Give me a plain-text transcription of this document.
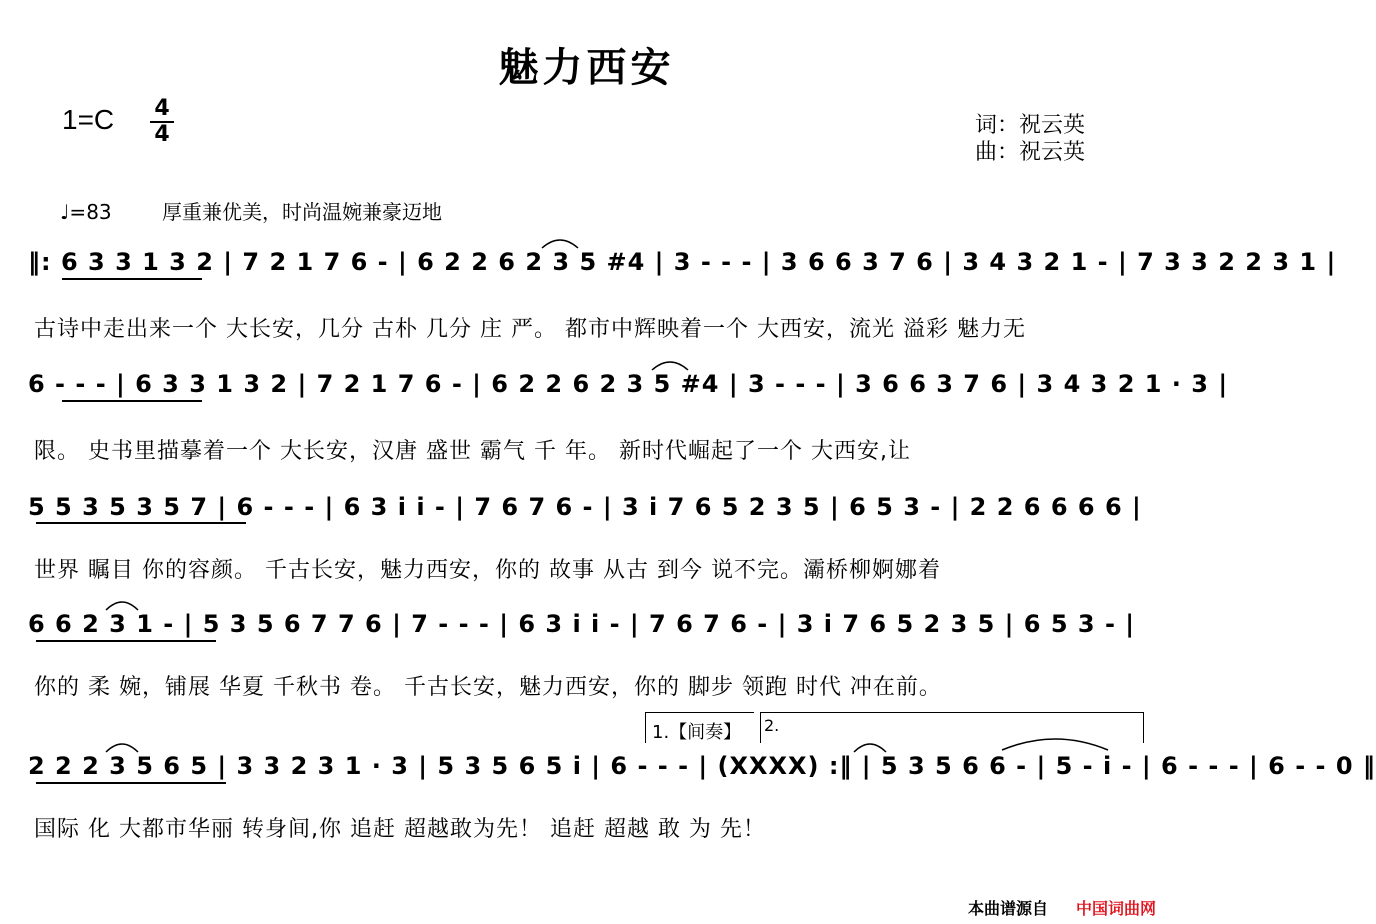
魅力西安
1=C 4
4	词：祝云英
曲：祝云英
♩=83	厚重兼优美，时尚温婉兼豪迈地
‖: 6 3 3 1 3 2 | 7 2 1 7 6 - | 6 2 2 6 2 3 5 #4 | 3 - - - | 3 6 6 3 7 6 | 3 4 3 2 1 - | 7 3 3 2 2 3 1 |
古诗中走出来一个 大长安，几分 古朴 几分 庄 严。 都市中辉映着一个 大西安，流光 溢彩 魅力无
6 - - - | 6 3 3 1 3 2 | 7 2 1 7 6 - | 6 2 2 6 2 3 5 #4 | 3 - - - | 3 6 6 3 7 6 | 3 4 3 2 1 · 3 |
限。 史书里描摹着一个 大长安，汉唐 盛世 霸气 千 年。 新时代崛起了一个 大西安,让
5 5 3 5 3 5 7 | 6 - - - | 6 3 i i - | 7 6 7 6 - | 3 i 7 6 5 2 3 5 | 6 5 3 - | 2 2 6 6 6 6 |
世界 瞩目 你的容颜。 千古长安，魅力西安，你的 故事 从古 到今 说不完。灞桥柳婀娜着
6 6 2 3 1 - | 5 3 5 6 7 7 6 | 7 - - - | 6 3 i i - | 7 6 7 6 - | 3 i 7 6 5 2 3 5 | 6 5 3 - |
你的 柔 婉，铺展 华夏 千秋书 卷。 千古长安，魅力西安，你的 脚步 领跑 时代 冲在前。
1.【间奏】 2.
2 2 2 3 5 6 5 | 3 3 2 3 1 · 3 | 5 3 5 6 5 i | 6 - - - | (XXXX) :‖ | 5 3 5 6 6 - | 5 - i - | 6 - - - | 6 - - 0 ‖
国际 化 大都市华丽 转身间,你 追赶 超越敢为先！ 追赶 超越 敢 为 先！
本曲谱源自 中国词曲网
